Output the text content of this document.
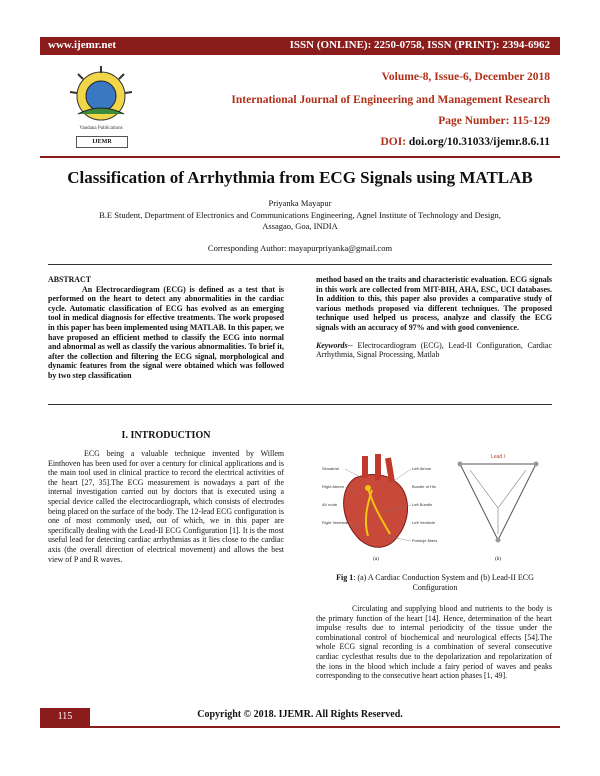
www.ijemr.net	ISSN (ONLINE): 2250-0758, ISSN (PRINT): 2394-6962
Vandana Publications
IJEMR
Volume-8, Issue-6, December 2018
International Journal of Engineering and Management Research
Page Number: 115-129
DOI: doi.org/10.31033/ijemr.8.6.11
Classification of Arrhythmia from ECG Signals using MATLAB
Priyanka Mayapur
B.E Student, Department of Electronics and Communications Engineering, Agnel Institute of Technology and Design,
Assagao, Goa, INDIA
Corresponding Author: mayapurpriyanka@gmail.com
ABSTRACT
An Electrocardiogram (ECG) is defined as a test that is performed on the heart to detect any abnormalities in the cardiac cycle. Automatic classification of ECG has evolved as an emerging tool in medical diagnosis for effective treatments. The work proposed in this paper has been implemented using MATLAB. In this paper, we have proposed an efficient method to classify the ECG into normal and abnormal as well as classify the various abnormalities. To brief it, after the collection and filtering the ECG signal, morphological and dynamic features from the signal were obtained which was followed by two step classification
method based on the traits and characteristic evaluation. ECG signals in this work are collected from MIT-BIH, AHA, ESC, UCI databases. In addition to this, this paper also provides a comparative study of various methods proposed via different techniques. The proposed technique used helped us process, analyze and classify the ECG signals with an accuracy of 97% and with good convenience.
Keywords-- Electrocardiogram (ECG), Lead-II Configuration, Cardiac Arrhythmia, Signal Processing, Matlab
I. INTRODUCTION
ECG being a valuable technique invented by Willem Einthoven has been used for over a century for clinical applications and is the main tool used in clinical practice to record the electrical activities of the heart [27, 35].The ECG measurement is nowadays a part of the internal investigation carried out by doctors that is executed using a special device called the electrocardiograph, which consists of electrodes being placed on the surface of the body. The 12-lead ECG configuration is one of most commonly used, out of which, we in this paper are specifically dealing with the Lead-II ECG Configuration [1]. It is the most useful lead for detecting cardiac arrhythmias as it lies close to the cardiac axis (the overall direction of electrical movement) and allows the best view of P and R waves.
Sinoatrial
Right Atrium
AV node
Right Ventricle
Left Atrium
Bundle of His
Left Bundle
Left Ventricle
Purkinje fibers
(a)
Lead I
(b)
Fig 1: (a) A Cardiac Conduction System and (b) Lead-II ECG Configuration
Circulating and supplying blood and nutrients to the body is the primary function of the heart [14]. Hence, determination of the heart impulse results due to internal periodicity of the tissue under the combinational control of biochemical and neurological effects [54].The whole ECG signal recording is a combination of several consecutive cardiac cyclesthat results due to the depolarization and repolarization of the ions in the blood which include a fairy period of waves and peaks corresponding to the consecutive heart action phases [1, 49].
115	Copyright © 2018. IJEMR. All Rights Reserved.
